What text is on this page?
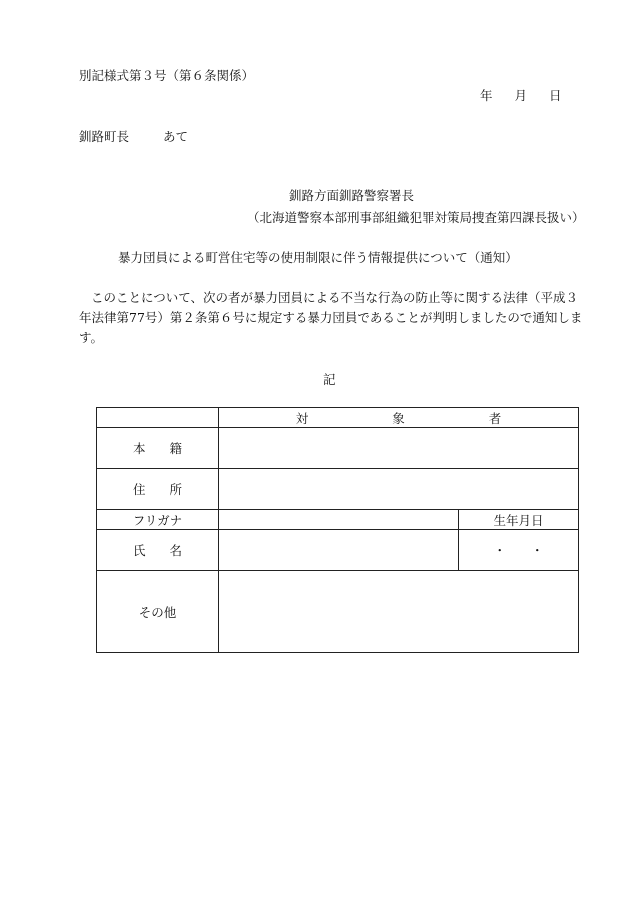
別記様式第３号（第６条関係）
年 月 日
釧路町長	あて
釧路方面釧路警察署長
（北海道警察本部刑事部組織犯罪対策局捜査第四課長扱い）
暴力団員による町営住宅等の使用制限に伴う情報提供について（通知）
このことについて、次の者が暴力団員による不当な行為の防止等に関する法律（平成３年法律第77号）第２条第６号に規定する暴力団員であることが判明しましたので通知します。
記
	対 象 者	
本 籍		
住 所		
フリガナ		生年月日
氏 名		・　　・
その他		
